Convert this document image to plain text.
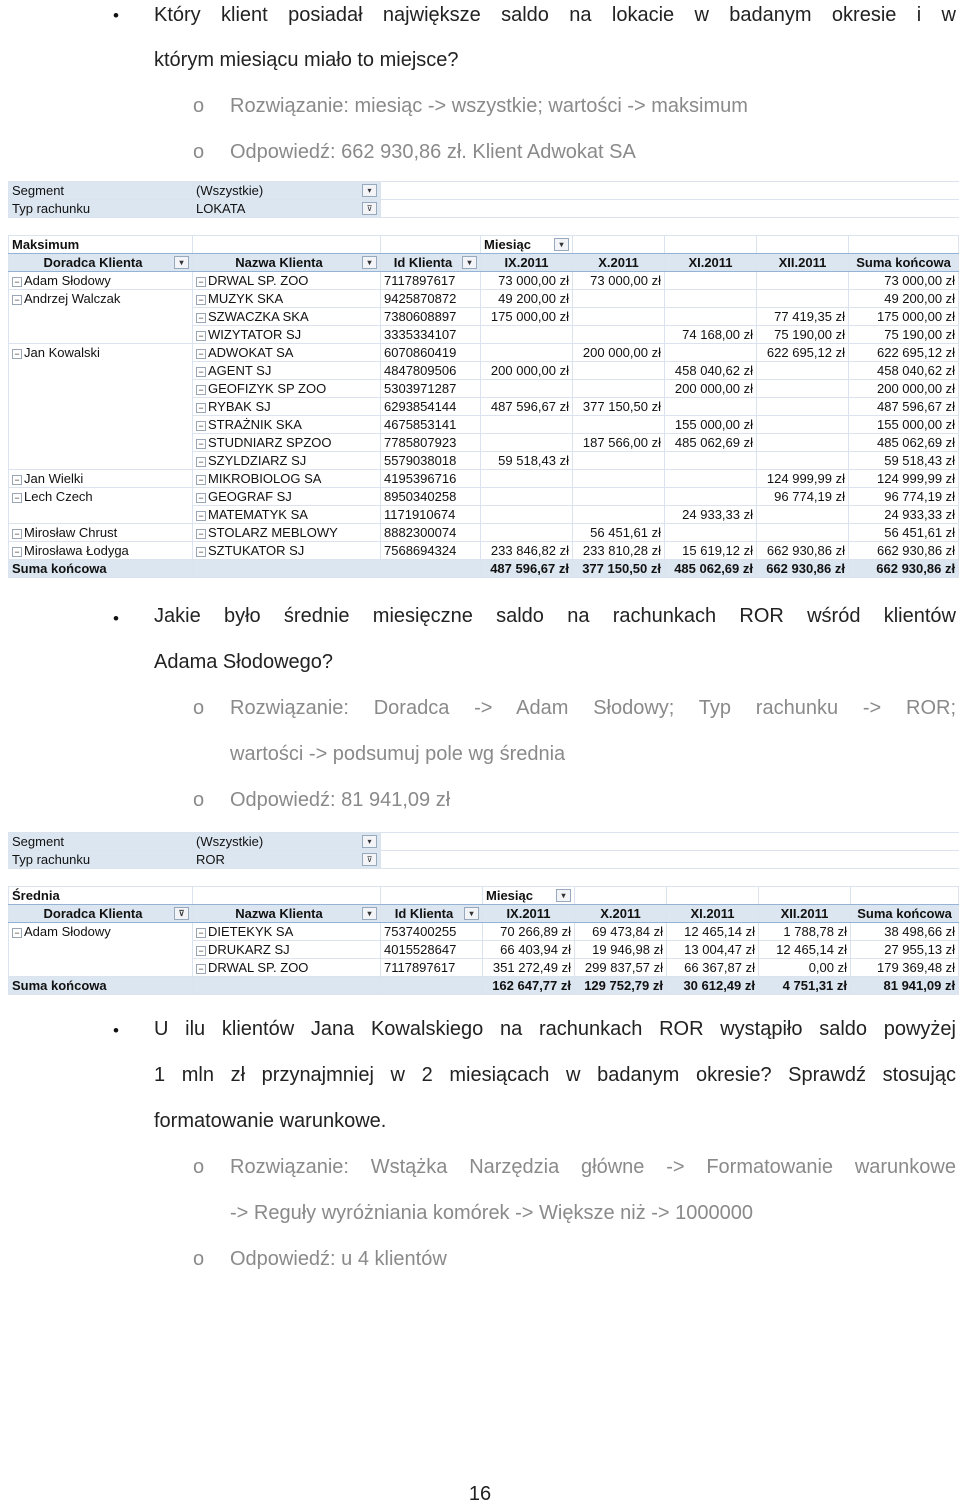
• Który klient posiadał największe saldo na lokacie w badanym okresie i w
którym miesiącu miało to miejsce?
o Rozwiązanie: miesiąc -> wszystkie; wartości -> maksimum
o Odpowiedź: 662 930,86 zł. Klient Adwokat SA
Segment	(Wszystkie) ▾						

Typ rachunku	LOKATA ⊽						

Maksimum			Miesiąc ▾				

Doradca Klienta ▾	Nazwa Klienta ▾	Id Klienta ▾	IX.2011	X.2011	XI.2011	XII.2011	Suma końcowa
− Adam Słodowy	− DRWAL SP. ZOO	7117897617	73 000,00 zł	73 000,00 zł			73 000,00 zł
− Andrzej Walczak	− MUZYK SKA	9425870872	49 200,00 zł				49 200,00 zł
	− SZWACZKA SKA	7380608897	175 000,00 zł			77 419,35 zł	175 000,00 zł
	− WIZYTATOR SJ	3335334107			74 168,00 zł	75 190,00 zł	75 190,00 zł
− Jan Kowalski	− ADWOKAT SA	6070860419		200 000,00 zł		622 695,12 zł	622 695,12 zł
	− AGENT SJ	4847809506	200 000,00 zł		458 040,62 zł		458 040,62 zł
	− GEOFIZYK SP ZOO	5303971287			200 000,00 zł		200 000,00 zł
	− RYBAK SJ	6293854144	487 596,67 zł	377 150,50 zł			487 596,67 zł
	− STRAŻNIK SKA	4675853141			155 000,00 zł		155 000,00 zł
	− STUDNIARZ SPZOO	7785807923		187 566,00 zł	485 062,69 zł		485 062,69 zł
	− SZYLDZIARZ SJ	5579038018	59 518,43 zł				59 518,43 zł
− Jan Wielki	− MIKROBIOLOG SA	4195396716				124 999,99 zł	124 999,99 zł
− Lech Czech	− GEOGRAF SJ	8950340258				96 774,19 zł	96 774,19 zł
	− MATEMATYK SA	1171910674			24 933,33 zł		24 933,33 zł
− Mirosław Chrust	− STOLARZ MEBLOWY	8882300074		56 451,61 zł			56 451,61 zł
− Mirosława Łodyga	− SZTUKATOR SJ	7568694324	233 846,82 zł	233 810,28 zł	15 619,12 zł	662 930,86 zł	662 930,86 zł
Suma końcowa			487 596,67 zł	377 150,50 zł	485 062,69 zł	662 930,86 zł	662 930,86 zł
• Jakie było średnie miesięczne saldo na rachunkach ROR wśród klientów
Adama Słodowego?
o Rozwiązanie: Doradca -> Adam Słodowy; Typ rachunku -> ROR;
wartości -> podsumuj pole wg średnia
o Odpowiedź: 81 941,09 zł
Segment	(Wszystkie) ▾						

Typ rachunku	ROR ⊽						

Średnia			Miesiąc ▾				

Doradca Klienta ⊽	Nazwa Klienta ▾	Id Klienta ▾	IX.2011	X.2011	XI.2011	XII.2011	Suma końcowa
− Adam Słodowy	− DIETEKYK SA	7537400255	70 266,89 zł	69 473,84 zł	12 465,14 zł	1 788,78 zł	38 498,66 zł
	− DRUKARZ SJ	4015528647	66 403,94 zł	19 946,98 zł	13 004,47 zł	12 465,14 zł	27 955,13 zł
	− DRWAL SP. ZOO	7117897617	351 272,49 zł	299 837,57 zł	66 367,87 zł	0,00 zł	179 369,48 zł
Suma końcowa			162 647,77 zł	129 752,79 zł	30 612,49 zł	4 751,31 zł	81 941,09 zł
• U ilu klientów Jana Kowalskiego na rachunkach ROR wystąpiło saldo powyżej
1 mln zł przynajmniej w 2 miesiącach w badanym okresie? Sprawdź stosując
formatowanie warunkowe.
o Rozwiązanie: Wstążka Narzędzia główne -> Formatowanie warunkowe
-> Reguły wyróżniania komórek -> Większe niż -> 1000000
o Odpowiedź: u 4 klientów
16
